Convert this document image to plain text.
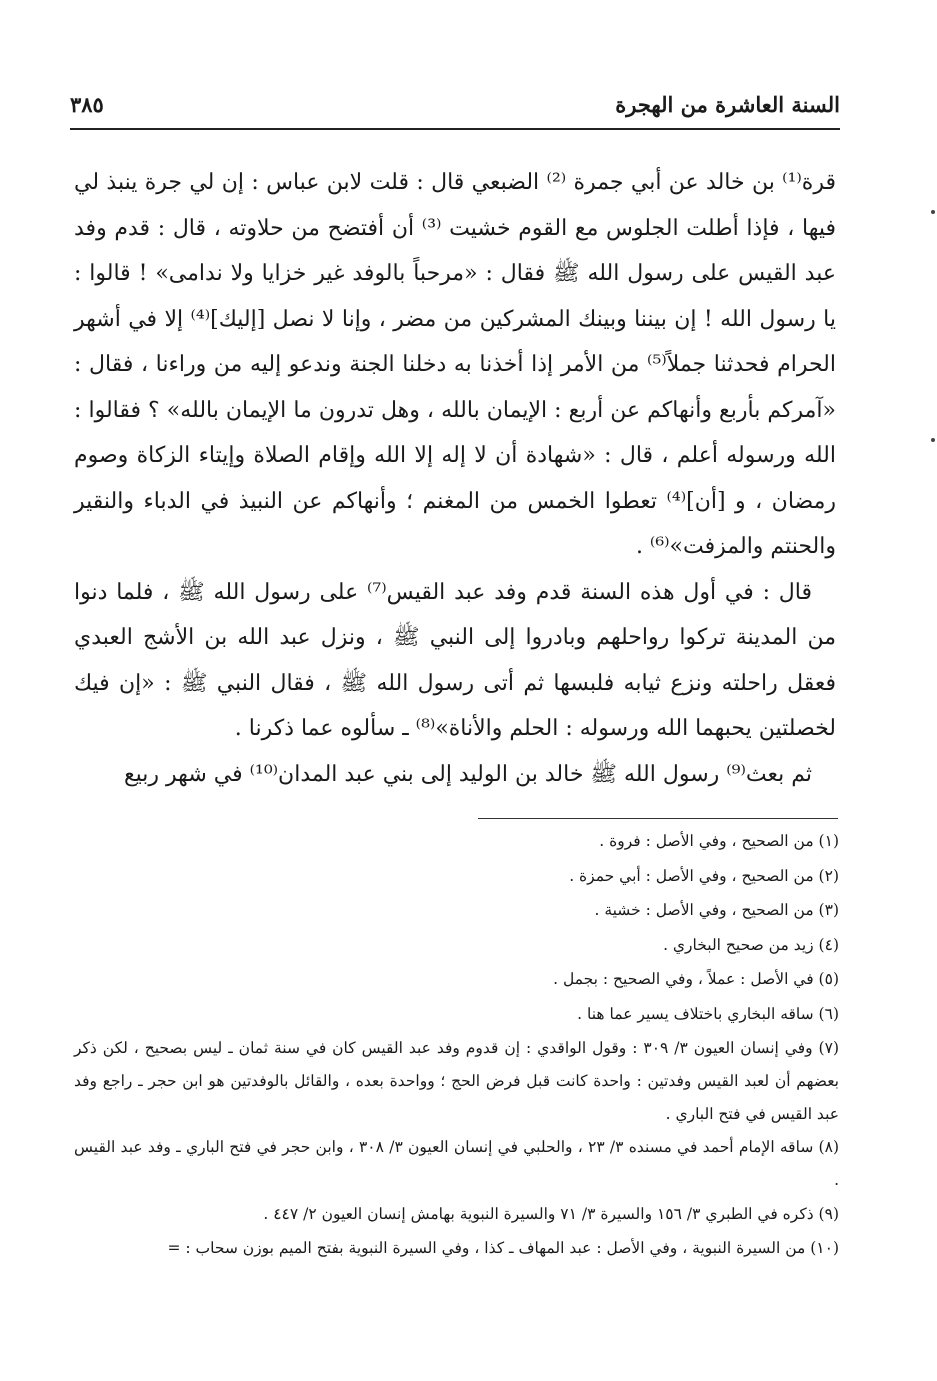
السنة العاشرة من الهجرة
٣٨٥

قرة⁽¹⁾ بن خالد عن أبي جمرة ⁽²⁾ الضبعي قال : قلت لابن عباس : إن لي جرة ينبذ لي فيها ، فإذا أطلت الجلوس مع القوم خشيت ⁽³⁾ أن أفتضح من حلاوته ، قال : قدم وفد عبد القيس على رسول الله ﷺ فقال : «مرحباً بالوفد غير خزايا ولا ندامى» ! قالوا : يا رسول الله ! إن بيننا وبينك المشركين من مضر ، وإنا لا نصل [إليك]⁽⁴⁾ إلا في أشهر الحرام فحدثنا جملاً⁽⁵⁾ من الأمر إذا أخذنا به دخلنا الجنة وندعو إليه من وراءنا ، فقال : «آمركم بأربع وأنهاكم عن أربع : الإيمان بالله ، وهل تدرون ما الإيمان بالله» ؟ فقالوا : الله ورسوله أعلم ، قال : «شهادة أن لا إله إلا الله وإقام الصلاة وإيتاء الزكاة وصوم رمضان ، و [أن]⁽⁴⁾ تعطوا الخمس من المغنم ؛ وأنهاكم عن النبيذ في الدباء والنقير والحنتم والمزفت»⁽⁶⁾ .

قال : في أول هذه السنة قدم وفد عبد القيس⁽⁷⁾ على رسول الله ﷺ ، فلما دنوا من المدينة تركوا رواحلهم وبادروا إلى النبي ﷺ ، ونزل عبد الله بن الأشج العبدي فعقل راحلته ونزع ثيابه فلبسها ثم أتى رسول الله ﷺ ، فقال النبي ﷺ : «إن فيك لخصلتين يحبهما الله ورسوله : الحلم والأناة»⁽⁸⁾ ـ سألوه عما ذكرنا .

ثم بعث⁽⁹⁾ رسول الله ﷺ خالد بن الوليد إلى بني عبد المدان⁽¹⁰⁾ في شهر ربيع

(١) من الصحيح ، وفي الأصل : فروة .

(٢) من الصحيح ، وفي الأصل : أبي حمزة .

(٣) من الصحيح ، وفي الأصل : خشية .

(٤) زيد من صحيح البخاري .

(٥) في الأصل : عملاً ، وفي الصحيح : بجمل .

(٦) ساقه البخاري باختلاف يسير عما هنا .

(٧) وفي إنسان العيون ٣/ ٣٠٩ : وقول الواقدي : إن قدوم وفد عبد القيس كان في سنة ثمان ـ ليس بصحيح ، لكن ذكر بعضهم أن لعبد القيس وفدتين : واحدة كانت قبل فرض الحج ؛ وواحدة بعده ، والقائل بالوفدتين هو ابن حجر ـ راجع وفد عبد القيس في فتح الباري .

(٨) ساقه الإمام أحمد في مسنده ٣/ ٢٣ ، والحلبي في إنسان العيون ٣/ ٣٠٨ ، وابن حجر في فتح الباري ـ وفد عبد القيس .

(٩) ذكره في الطبري ٣/ ١٥٦ والسيرة ٣/ ٧١ والسيرة النبوية بهامش إنسان العيون ٢/ ٤٤٧ .

(١٠) من السيرة النبوية ، وفي الأصل : عبد المهاف ـ كذا ، وفي السيرة النبوية بفتح الميم بوزن سحاب : =
